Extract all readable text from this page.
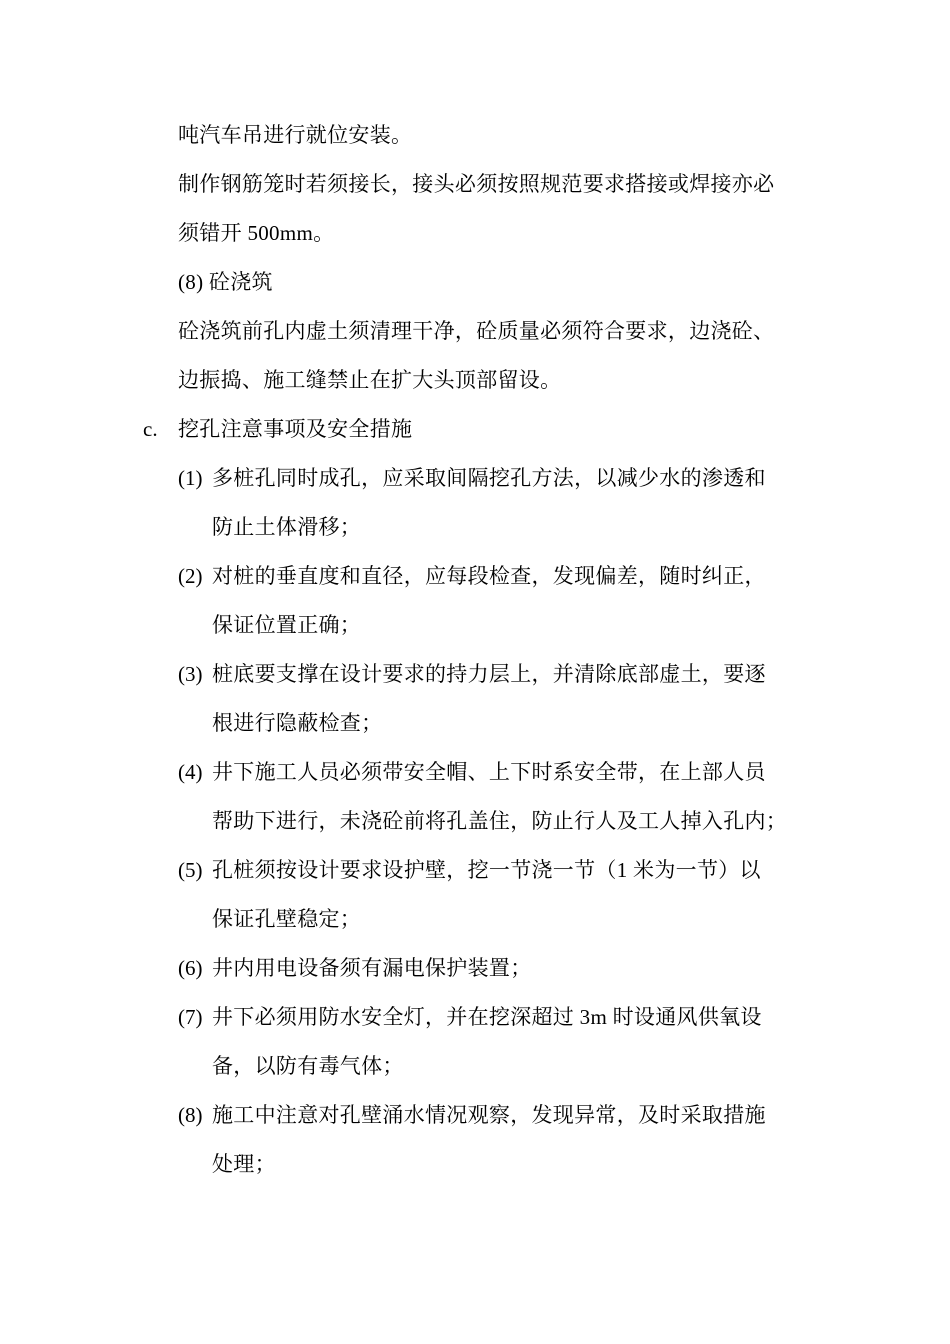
吨汽车吊进行就位安装。
制作钢筋笼时若须接长，接头必须按照规范要求搭接或焊接亦必
须错开 500mm。
(8) 砼浇筑
砼浇筑前孔内虚土须清理干净，砼质量必须符合要求，边浇砼、
边振捣、施工缝禁止在扩大头顶部留设。
c. 挖孔注意事项及安全措施
(1) 多桩孔同时成孔，应采取间隔挖孔方法，以减少水的渗透和
防止土体滑移；
(2) 对桩的垂直度和直径，应每段检查，发现偏差，随时纠正，
保证位置正确；
(3) 桩底要支撑在设计要求的持力层上，并清除底部虚土，要逐
根进行隐蔽检查；
(4) 井下施工人员必须带安全帽、上下时系安全带，在上部人员
帮助下进行，未浇砼前将孔盖住，防止行人及工人掉入孔内；
(5) 孔桩须按设计要求设护壁，挖一节浇一节（1 米为一节）以
保证孔壁稳定；
(6) 井内用电设备须有漏电保护装置；
(7) 井下必须用防水安全灯，并在挖深超过 3m 时设通风供氧设
备，以防有毒气体；
(8) 施工中注意对孔壁涌水情况观察，发现异常，及时采取措施
处理；
